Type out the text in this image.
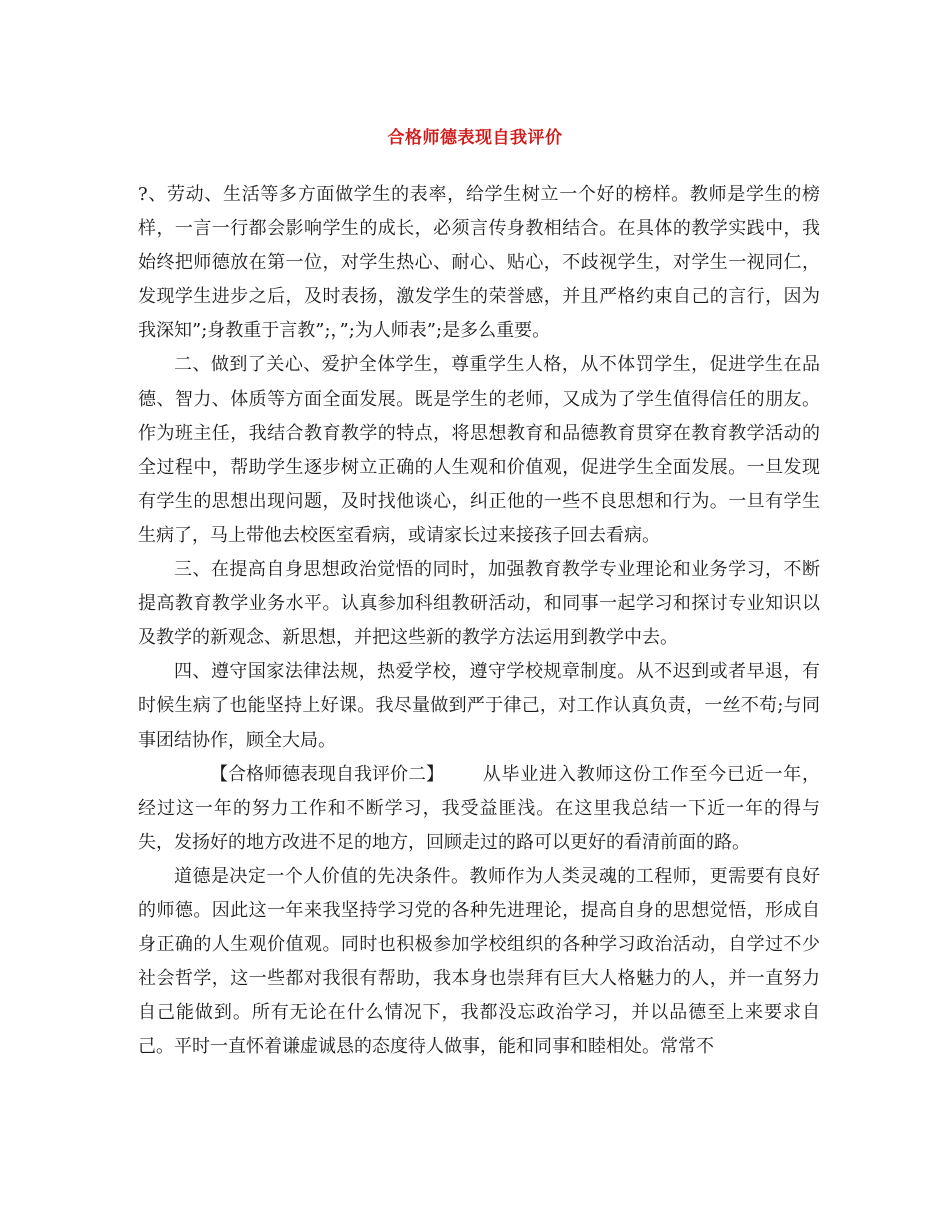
合格师德表现自我评价

?、劳动、生活等多方面做学生的表率，给学生树立一个好的榜样。教师是学生的榜样，一言一行都会影响学生的成长，必须言传身教相结合。在具体的教学实践中，我始终把师德放在第一位，对学生热心、耐心、贴心，不歧视学生，对学生一视同仁，发现学生进步之后，及时表扬，激发学生的荣誉感，并且严格约束自己的言行，因为我深知”;身教重于言教”;，”;为人师表”;是多么重要。

二、做到了关心、爱护全体学生，尊重学生人格，从不体罚学生，促进学生在品德、智力、体质等方面全面发展。既是学生的老师，又成为了学生值得信任的朋友。作为班主任，我结合教育教学的特点，将思想教育和品德教育贯穿在教育教学活动的全过程中，帮助学生逐步树立正确的人生观和价值观，促进学生全面发展。一旦发现有学生的思想出现问题，及时找他谈心，纠正他的一些不良思想和行为。一旦有学生生病了，马上带他去校医室看病，或请家长过来接孩子回去看病。

三、在提高自身思想政治觉悟的同时，加强教育教学专业理论和业务学习，不断提高教育教学业务水平。认真参加科组教研活动，和同事一起学习和探讨专业知识以及教学的新观念、新思想，并把这些新的教学方法运用到教学中去。

四、遵守国家法律法规，热爱学校，遵守学校规章制度。从不迟到或者早退，有时候生病了也能坚持上好课。我尽量做到严于律己，对工作认真负责，一丝不苟;与同事团结协作，顾全大局。

【合格师德表现自我评价二】 从毕业进入教师这份工作至今已近一年，经过这一年的努力工作和不断学习，我受益匪浅。在这里我总结一下近一年的得与失，发扬好的地方改进不足的地方，回顾走过的路可以更好的看清前面的路。

道德是决定一个人价值的先决条件。教师作为人类灵魂的工程师，更需要有良好的师德。因此这一年来我坚持学习党的各种先进理论，提高自身的思想觉悟，形成自身正确的人生观价值观。同时也积极参加学校组织的各种学习政治活动，自学过不少社会哲学，这一些都对我很有帮助，我本身也崇拜有巨大人格魅力的人，并一直努力自己能做到。所有无论在什么情况下，我都没忘政治学习，并以品德至上来要求自己。平时一直怀着谦虚诚恳的态度待人做事，能和同事和睦相处。常常不
